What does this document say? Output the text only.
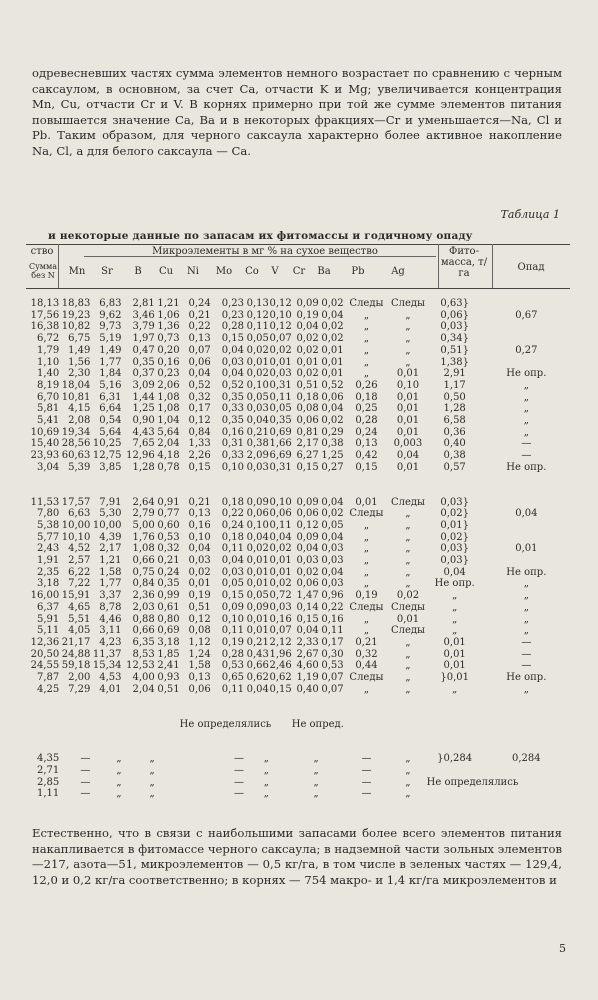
одревесневших частях сумма элементов немного возрастает по сравнению с черным саксаулом, в основном, за счет Ca, отчасти K и Mg; увеличивается концентрация Mn, Cu, отчасти Cr и V. В корнях примерно при той же сумме элементов питания повышается значение Ca, Ba и в некоторых фракциях—Cr и уменьшается—Na, Cl и Pb. Таким образом, для черного саксаула характерно более активное накопление Na, Cl, а для белого саксаула — Ca.
Таблица 1
и некоторые данные по запасам их фитомассы и годичному опаду
ство
Сумма без N
Микроэлементы в мг % на сухое вещество	Фито-масса, т/га
Опад
Mn	Sr	B	Cu	Ni	Mo	Co	V	Cr	Ba	Pb	Ag
18,13	18,83	6,83	2,81	1,21	0,24	0,23	0,13	0,12	0,09	0,02	Следы	Следы	0,63}	
17,56	19,23	9,62	3,46	1,06	0,21	0,23	0,12	0,10	0,19	0,04	„	„	0,06}	0,67
16,38	10,82	9,73	3,79	1,36	0,22	0,28	0,11	0,12	0,04	0,02	„	„	0,03}	
6,72	6,75	5,19	1,97	0,73	0,13	0,15	0,05	0,07	0,02	0,02	„	„	0,34}	
1,79	1,49	1,49	0,47	0,20	0,07	0,04	0,02	0,02	0,02	0,01	„	„	0,51}	0,27
1,10	1,56	1,77	0,35	0,16	0,06	0,03	0,01	0,01	0,01	0,01	„	„	1,38}	
1,40	2,30	1,84	0,37	0,23	0,04	0,04	0,02	0,03	0,02	0,01	„	0,01	2,91	Не опр.
8,19	18,04	5,16	3,09	2,06	0,52	0,52	0,10	0,31	0,51	0,52	0,26	0,10	1,17	„
6,70	10,81	6,31	1,44	1,08	0,32	0,35	0,05	0,11	0,18	0,06	0,18	0,01	0,50	„
5,81	4,15	6,64	1,25	1,08	0,17	0,33	0,03	0,05	0,08	0,04	0,25	0,01	1,28	„
5,41	2,08	0,54	0,90	1,04	0,12	0,35	0,04	0,35	0,06	0,02	0,28	0,01	6,58	„
10,69	19,34	5,64	4,43	5,64	0,84	0,16	0,21	0,69	0,81	0,29	0,24	0,01	0,36	„
15,40	28,56	10,25	7,65	2,04	1,33	0,31	0,38	1,66	2,17	0,38	0,13	0,003	0,40	—
23,93	60,63	12,75	12,96	4,18	2,26	0,33	2,09	6,69	6,27	1,25	0,42	0,04	0,38	—
3,04	5,39	3,85	1,28	0,78	0,15	0,10	0,03	0,31	0,15	0,27	0,15	0,01	0,57	Не опр.

11,53	17,57	7,91	2,64	0,91	0,21	0,18	0,09	0,10	0,09	0,04	0,01	Следы	0,03}	
7,80	6,63	5,30	2,79	0,77	0,13	0,22	0,06	0,06	0,06	0,02	Следы	„	0,02}	0,04
5,38	10,00	10,00	5,00	0,60	0,16	0,24	0,10	0,11	0,12	0,05	„	„	0,01}	
5,77	10,10	4,39	1,76	0,53	0,10	0,18	0,04	0,04	0,09	0,04	„	„	0,02}	
2,43	4,52	2,17	1,08	0,32	0,04	0,11	0,02	0,02	0,04	0,03	„	„	0,03}	0,01
1,91	2,57	1,21	0,66	0,21	0,03	0,04	0,01	0,01	0,03	0,03	„	„	0,03}	
2,35	6,22	1,58	0,75	0,24	0,02	0,03	0,01	0,01	0,02	0,04	„	„	0,04	Не опр.
3,18	7,22	1,77	0,84	0,35	0,01	0,05	0,01	0,02	0,06	0,03	„	„	Не опр.	„
16,00	15,91	3,37	2,36	0,99	0,19	0,15	0,05	0,72	1,47	0,96	0,19	0,02	„	„
6,37	4,65	8,78	2,03	0,61	0,51	0,09	0,09	0,03	0,14	0,22	Следы	Следы	„	„
5,91	5,51	4,46	0,88	0,80	0,12	0,10	0,01	0,16	0,15	0,16	„	0,01	„	„
5,11	4,05	3,11	0,66	0,69	0,08	0,11	0,01	0,07	0,04	0,11	„	Следы	„	„
12,36	21,17	4,23	6,35	3,18	1,12	0,19	0,21	2,12	2,33	0,17	0,21	„	0,01	—
20,50	24,88	11,37	8,53	1,85	1,24	0,28	0,43	1,96	2,67	0,30	0,32	„	0,01	—
24,55	59,18	15,34	12,53	2,41	1,58	0,53	0,66	2,46	4,60	0,53	0,44	„	0,01	—
7,87	2,00	4,53	4,00	0,93	0,13	0,65	0,62	0,62	1,19	0,07	Следы	„	}0,01	Не опр.
4,25	7,29	4,01	2,04	0,51	0,06	0,11	0,04	0,15	0,40	0,07	„	„	„	„

					Не определялись				Не опред.					

4,35	—	„	„			—	„		„		—	„	}0,284	0,284
2,71	—	„	„			—	„		„		—	„		
2,85	—	„	„			—	„		„		—	„	Не определялись	
1,11	—	„	„			—	„		„		—	„		
Естественно, что в связи с наибольшими запасами более всего элементов питания накапливается в фитомассе черного саксаула; в надземной части зольных элементов—217, азота—51, микроэлементов — 0,5 кг/га, в том числе в зеленых частях — 129,4, 12,0 и 0,2 кг/га соответственно; в корнях — 754 макро- и 1,4 кг/га микроэлементов и
5
